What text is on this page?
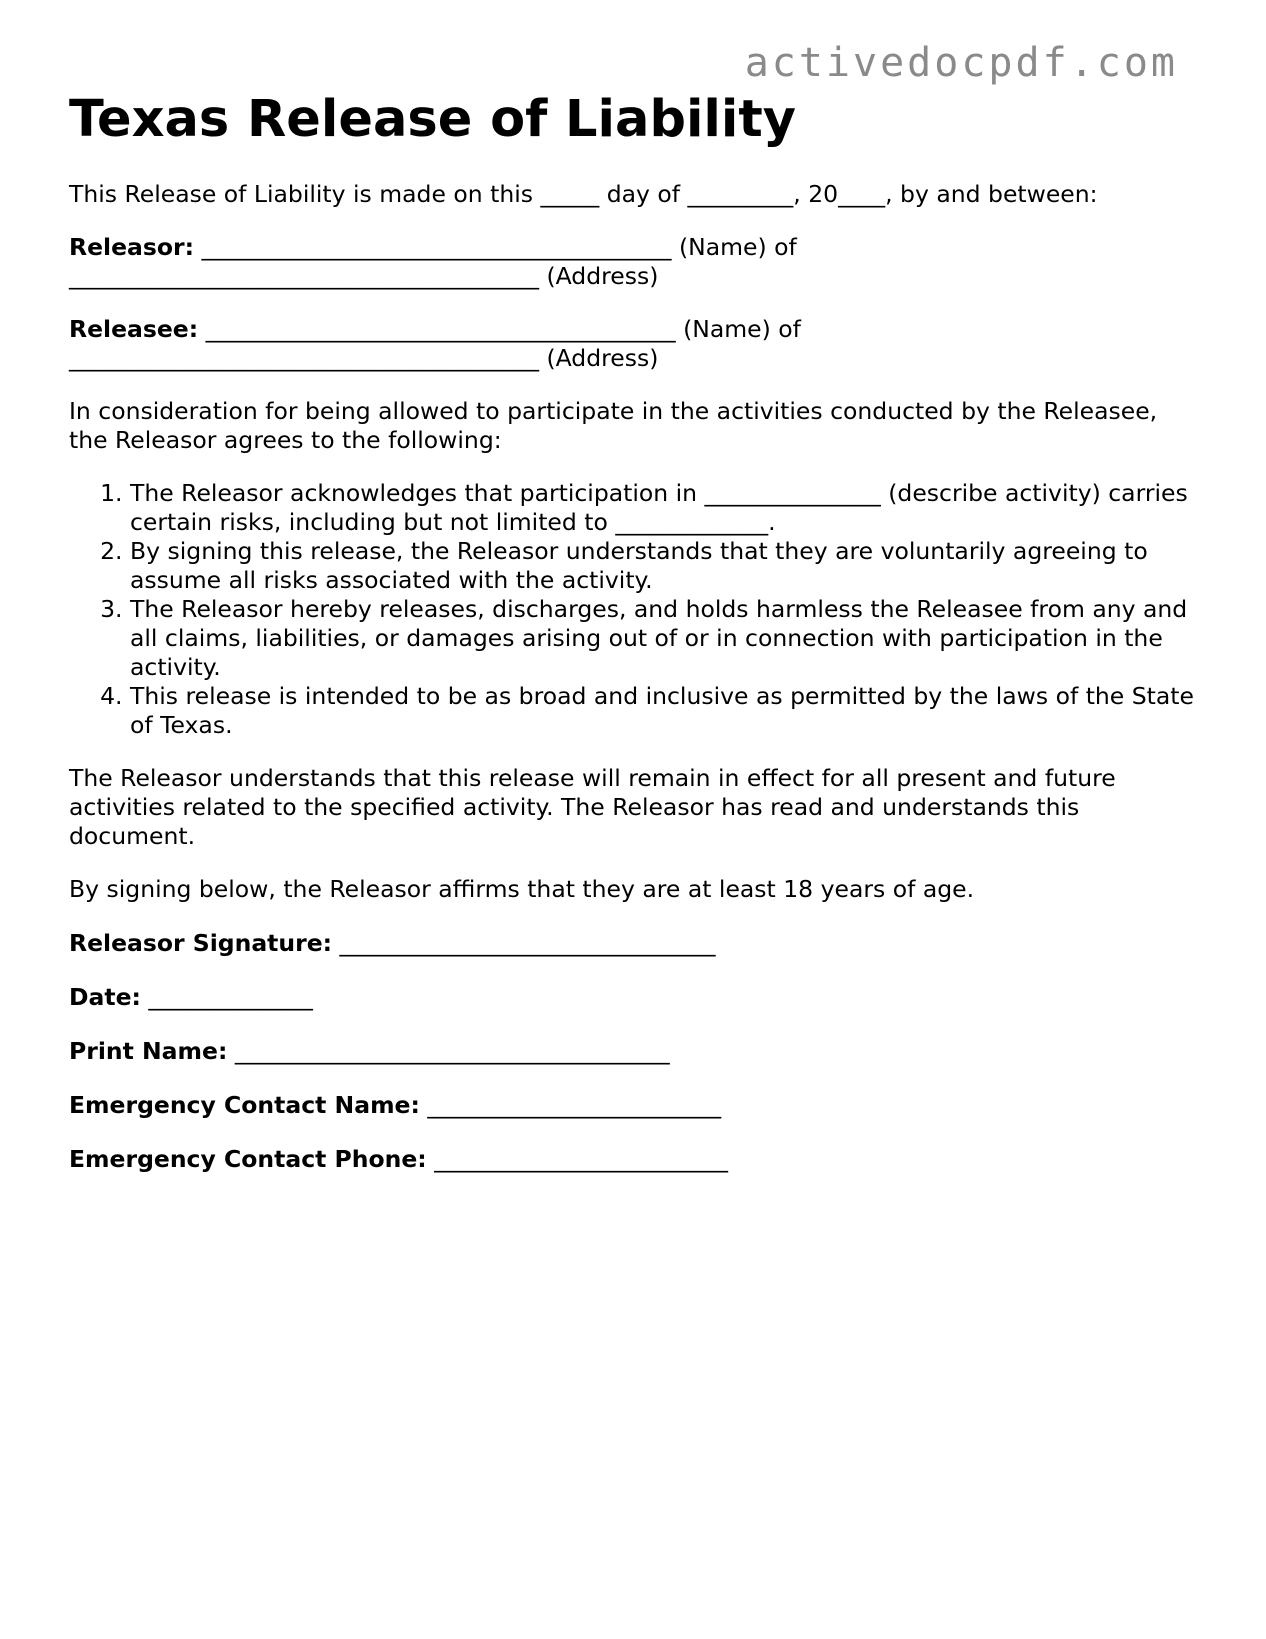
activedocpdf.com
Texas Release of Liability

This Release of Liability is made on this _____ day of _________, 20____, by and between:

Releasor: ________________________________________ (Name) of
________________________________________ (Address)

Releasee: ________________________________________ (Name) of
________________________________________ (Address)

In consideration for being allowed to participate in the activities conducted by the Releasee, the Releasor agrees to the following:

1. The Releasor acknowledges that participation in _______________ (describe activity) carries certain risks, including but not limited to _____________.
2. By signing this release, the Releasor understands that they are voluntarily agreeing to assume all risks associated with the activity.
3. The Releasor hereby releases, discharges, and holds harmless the Releasee from any and all claims, liabilities, or damages arising out of or in connection with participation in the activity.
4. This release is intended to be as broad and inclusive as permitted by the laws of the State of Texas.

The Releasor understands that this release will remain in effect for all present and future activities related to the specified activity. The Releasor has read and understands this document.

By signing below, the Releasor affirms that they are at least 18 years of age.

Releasor Signature: ________________________________

Date: ______________

Print Name: _____________________________________

Emergency Contact Name: _________________________

Emergency Contact Phone: _________________________
